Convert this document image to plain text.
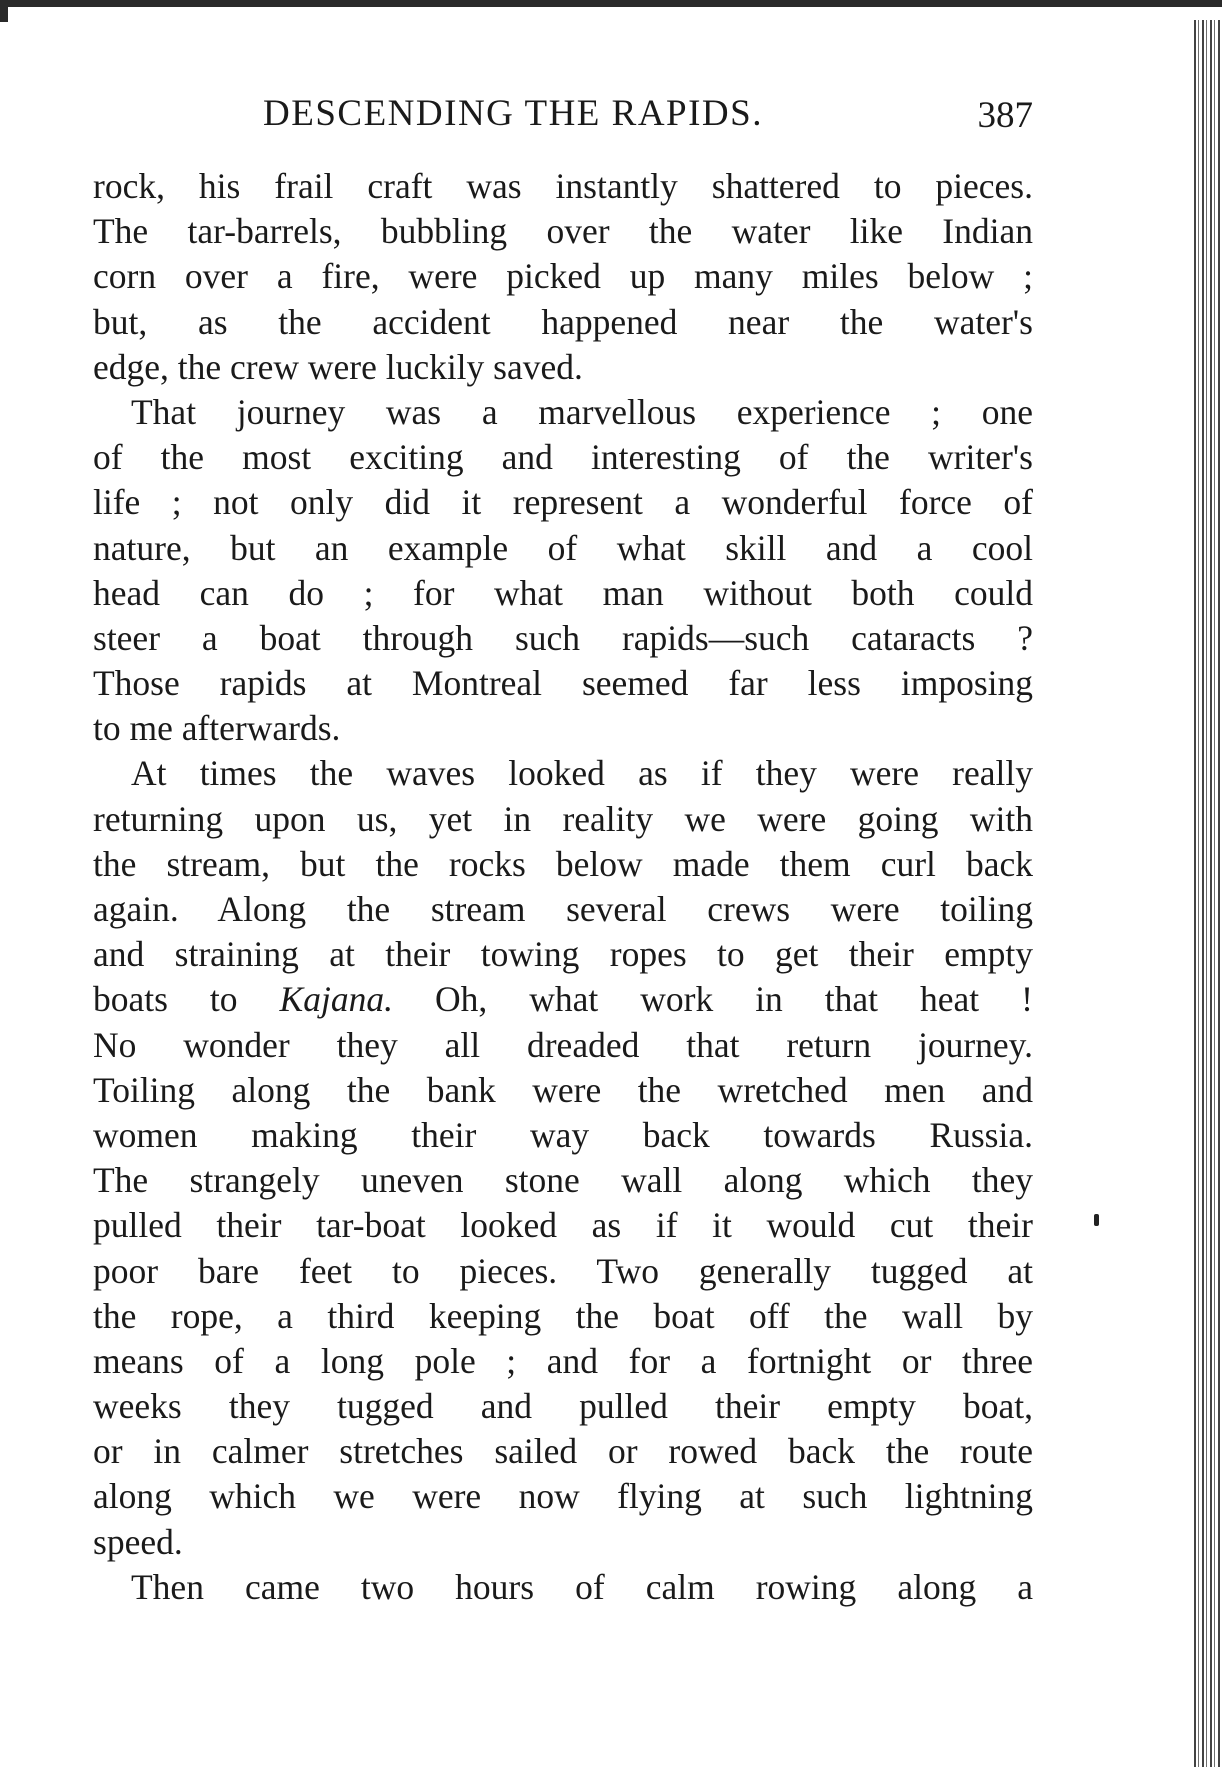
DESCENDING THE RAPIDS.	387
rock, his frail craft was instantly shattered to pieces.
The tar-barrels, bubbling over the water like Indian
corn over a fire, were picked up many miles below ;
but, as the accident happened near the water's
edge, the crew were luckily saved.
That journey was a marvellous experience ; one
of the most exciting and interesting of the writer's
life ; not only did it represent a wonderful force of
nature, but an example of what skill and a cool
head can do ; for what man without both could
steer a boat through such rapids—such cataracts ?
Those rapids at Montreal seemed far less imposing
to me afterwards.
At times the waves looked as if they were really
returning upon us, yet in reality we were going with
the stream, but the rocks below made them curl back
again. Along the stream several crews were toiling
and straining at their towing ropes to get their empty
boats to Kajana. Oh, what work in that heat !
No wonder they all dreaded that return journey.
Toiling along the bank were the wretched men and
women making their way back towards Russia.
The strangely uneven stone wall along which they
pulled their tar-boat looked as if it would cut their
poor bare feet to pieces. Two generally tugged at
the rope, a third keeping the boat off the wall by
means of a long pole ; and for a fortnight or three
weeks they tugged and pulled their empty boat,
or in calmer stretches sailed or rowed back the route
along which we were now flying at such lightning
speed.
Then came two hours of calm rowing along a
